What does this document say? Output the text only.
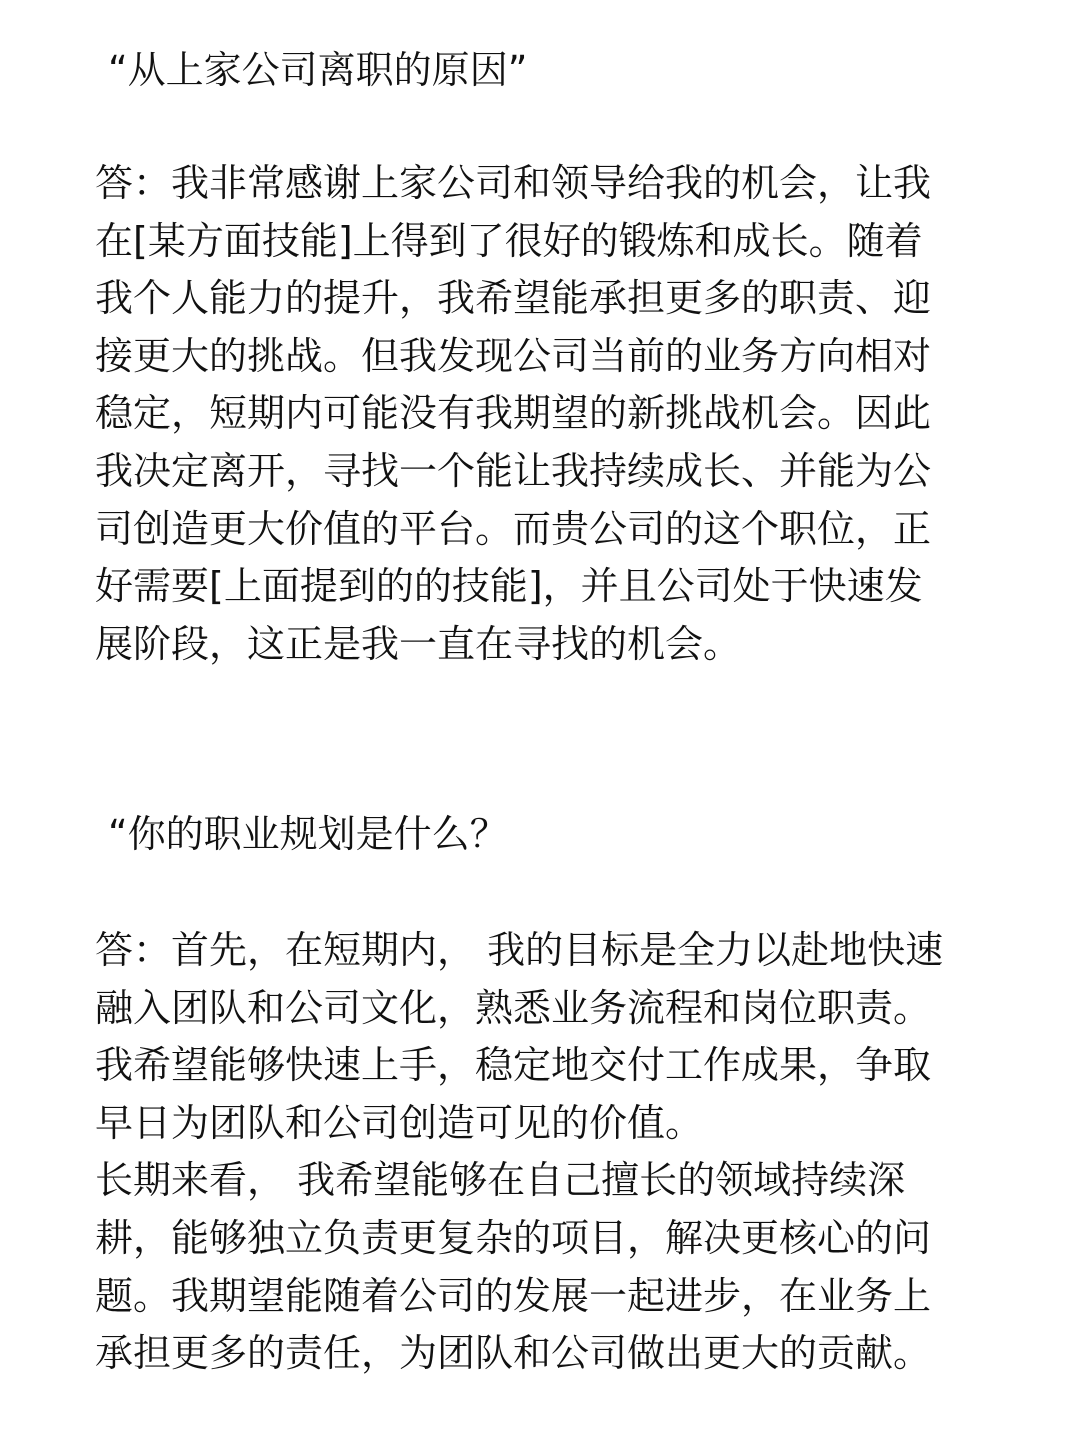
“从上家公司离职的原因”
答：我非常感谢上家公司和领导给我的机会，让我
在[某方面技能]上得到了很好的锻炼和成长。随着
我个人能力的提升，我希望能承担更多的职责、迎
接更大的挑战。但我发现公司当前的业务方向相对
稳定，短期内可能没有我期望的新挑战机会。因此
我决定离开，寻找一个能让我持续成长、并能为公
司创造更大价值的平台。而贵公司的这个职位，正
好需要[上面提到的的技能]，并且公司处于快速发
展阶段，这正是我一直在寻找的机会。
“你的职业规划是什么？
答：首先，在短期内， 我的目标是全力以赴地快速
融入团队和公司文化，熟悉业务流程和岗位职责。
我希望能够快速上手，稳定地交付工作成果，争取
早日为团队和公司创造可见的价值。
长期来看， 我希望能够在自己擅长的领域持续深
耕，能够独立负责更复杂的项目，解决更核心的问
题。我期望能随着公司的发展一起进步，在业务上
承担更多的责任，为团队和公司做出更大的贡献。
